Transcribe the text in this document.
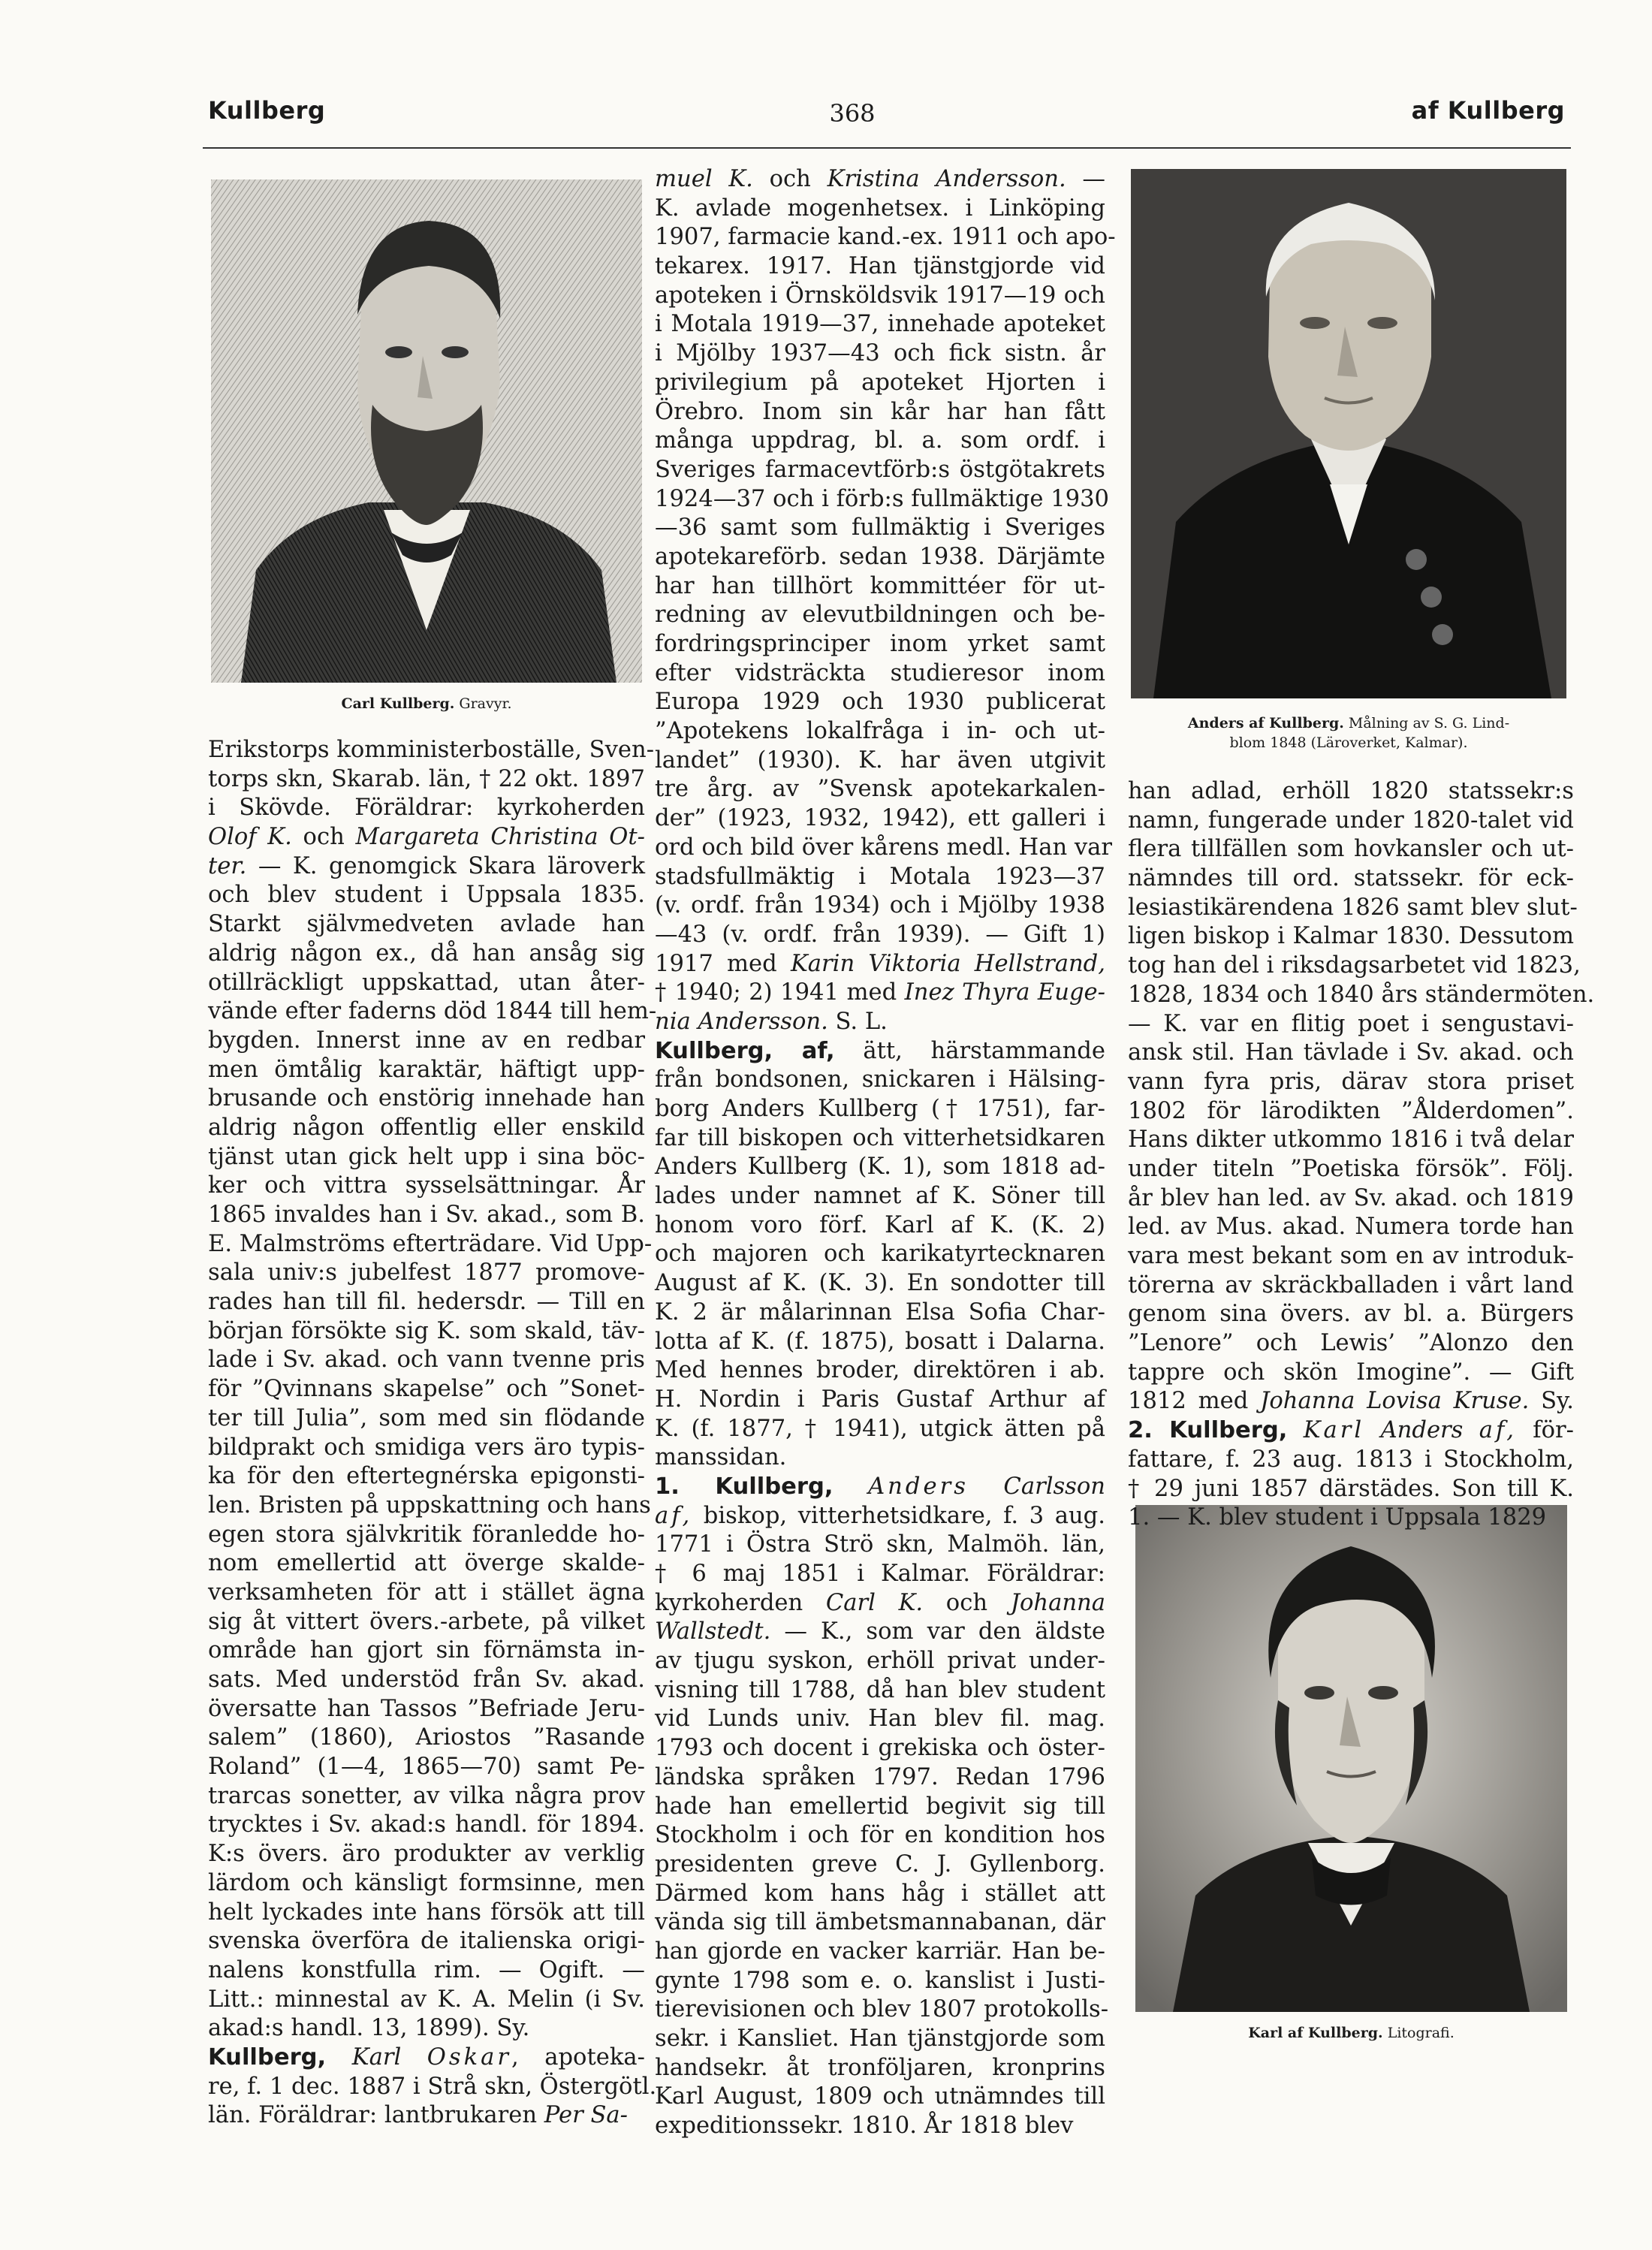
Kullberg	368	af Kullberg
Carl Kullberg. Gravyr.
Anders af Kullberg. Målning av S. G. Lind-
blom 1848 (Läroverket, Kalmar).
Karl af Kullberg. Litografi.
Erikstorps komministerboställe, Sven-
torps skn, Skarab. län, † 22 okt. 1897
i Skövde. Föräldrar: kyrkoherden
Olof K. och Margareta Christina Ot-
ter. — K. genomgick Skara läroverk
och blev student i Uppsala 1835.
Starkt självmedveten avlade han
aldrig någon ex., då han ansåg sig
otillräckligt uppskattad, utan åter-
vände efter faderns död 1844 till hem-
bygden. Innerst inne av en redbar
men ömtålig karaktär, häftigt upp-
brusande och enstörig innehade han
aldrig någon offentlig eller enskild
tjänst utan gick helt upp i sina böc-
ker och vittra sysselsättningar. År
1865 invaldes han i Sv. akad., som B.
E. Malmströms efterträdare. Vid Upp-
sala univ:s jubelfest 1877 promove-
rades han till fil. hedersdr. — Till en
början försökte sig K. som skald, täv-
lade i Sv. akad. och vann tvenne pris
för ”Qvinnans skapelse” och ”Sonet-
ter till Julia”, som med sin flödande
bildprakt och smidiga vers äro typis-
ka för den eftertegnérska epigonsti-
len. Bristen på uppskattning och hans
egen stora självkritik föranledde ho-
nom emellertid att överge skalde-
verksamheten för att i stället ägna
sig åt vittert övers.-arbete, på vilket
område han gjort sin förnämsta in-
sats. Med understöd från Sv. akad.
översatte han Tassos ”Befriade Jeru-
salem” (1860), Ariostos ”Rasande
Roland” (1—4, 1865—70) samt Pe-
trarcas sonetter, av vilka några prov
trycktes i Sv. akad:s handl. för 1894.
K:s övers. äro produkter av verklig
lärdom och känsligt formsinne, men
helt lyckades inte hans försök att till
svenska överföra de italienska origi-
nalens konstfulla rim. — Ogift. —
Litt.: minnestal av K. A. Melin (i Sv.
akad:s handl. 13, 1899). Sy.
Kullberg, Karl Oskar, apoteka-
re, f. 1 dec. 1887 i Strå skn, Östergötl.
län. Föräldrar: lantbrukaren Per Sa-
muel K. och Kristina Andersson. —
K. avlade mogenhetsex. i Linköping
1907, farmacie kand.-ex. 1911 och apo-
tekarex. 1917. Han tjänstgjorde vid
apoteken i Örnsköldsvik 1917—19 och
i Motala 1919—37, innehade apoteket
i Mjölby 1937—43 och fick sistn. år
privilegium på apoteket Hjorten i
Örebro. Inom sin kår har han fått
många uppdrag, bl. a. som ordf. i
Sveriges farmacevtförb:s östgötakrets
1924—37 och i förb:s fullmäktige 1930
—36 samt som fullmäktig i Sveriges
apotekareförb. sedan 1938. Därjämte
har han tillhört kommittéer för ut-
redning av elevutbildningen och be-
fordringsprinciper inom yrket samt
efter vidsträckta studieresor inom
Europa 1929 och 1930 publicerat
”Apotekens lokalfråga i in- och ut-
landet” (1930). K. har även utgivit
tre årg. av ”Svensk apotekarkalen-
der” (1923, 1932, 1942), ett galleri i
ord och bild över kårens medl. Han var
stadsfullmäktig i Motala 1923—37
(v. ordf. från 1934) och i Mjölby 1938
—43 (v. ordf. från 1939). — Gift 1)
1917 med Karin Viktoria Hellstrand,
† 1940; 2) 1941 med Inez Thyra Euge-
nia Andersson. S. L.
Kullberg, af, ätt, härstammande
från bondsonen, snickaren i Hälsing-
borg Anders Kullberg († 1751), far-
far till biskopen och vitterhetsidkaren
Anders Kullberg (K. 1), som 1818 ad-
lades under namnet af K. Söner till
honom voro förf. Karl af K. (K. 2)
och majoren och karikatyrtecknaren
August af K. (K. 3). En sondotter till
K. 2 är målarinnan Elsa Sofia Char-
lotta af K. (f. 1875), bosatt i Dalarna.
Med hennes broder, direktören i ab.
H. Nordin i Paris Gustaf Arthur af
K. (f. 1877, † 1941), utgick ätten på
manssidan.
1. Kullberg, Anders Carlsson
af, biskop, vitterhetsidkare, f. 3 aug.
1771 i Östra Strö skn, Malmöh. län,
† 6 maj 1851 i Kalmar. Föräldrar:
kyrkoherden Carl K. och Johanna
Wallstedt. — K., som var den äldste
av tjugu syskon, erhöll privat under-
visning till 1788, då han blev student
vid Lunds univ. Han blev fil. mag.
1793 och docent i grekiska och öster-
ländska språken 1797. Redan 1796
hade han emellertid begivit sig till
Stockholm i och för en kondition hos
presidenten greve C. J. Gyllenborg.
Därmed kom hans håg i stället att
vända sig till ämbetsmannabanan, där
han gjorde en vacker karriär. Han be-
gynte 1798 som e. o. kanslist i Justi-
tierevisionen och blev 1807 protokolls-
sekr. i Kansliet. Han tjänstgjorde som
handsekr. åt tronföljaren, kronprins
Karl August, 1809 och utnämndes till
expeditionssekr. 1810. År 1818 blev
han adlad, erhöll 1820 statssekr:s
namn, fungerade under 1820-talet vid
flera tillfällen som hovkansler och ut-
nämndes till ord. statssekr. för eck-
lesiastikärendena 1826 samt blev slut-
ligen biskop i Kalmar 1830. Dessutom
tog han del i riksdagsarbetet vid 1823,
1828, 1834 och 1840 års ständermöten.
— K. var en flitig poet i sengustavi-
ansk stil. Han tävlade i Sv. akad. och
vann fyra pris, därav stora priset
1802 för lärodikten ”Ålderdomen”.
Hans dikter utkommo 1816 i två delar
under titeln ”Poetiska försök”. Följ.
år blev han led. av Sv. akad. och 1819
led. av Mus. akad. Numera torde han
vara mest bekant som en av introduk-
törerna av skräckballaden i vårt land
genom sina övers. av bl. a. Bürgers
”Lenore” och Lewis’ ”Alonzo den
tappre och skön Imogine”. — Gift
1812 med Johanna Lovisa Kruse. Sy.
2. Kullberg, Karl Anders af, för-
fattare, f. 23 aug. 1813 i Stockholm,
† 29 juni 1857 därstädes. Son till K.
1. — K. blev student i Uppsala 1829
